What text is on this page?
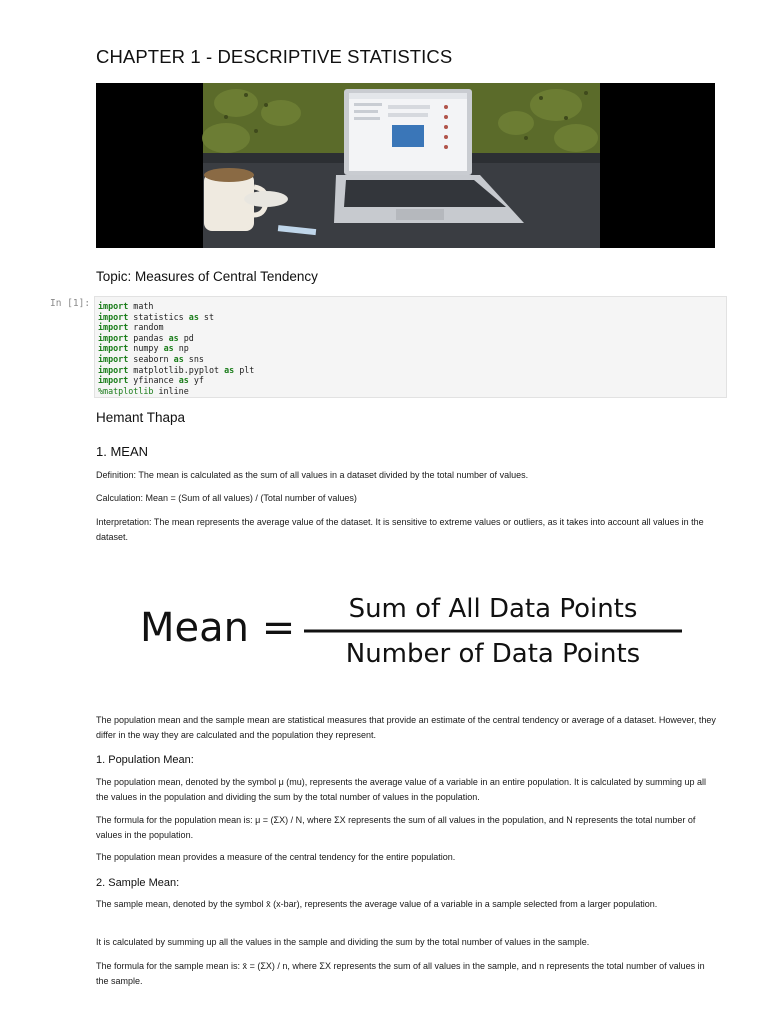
CHAPTER 1 - DESCRIPTIVE STATISTICS
Topic: Measures of Central Tendency
In [1]: import math
import statistics as st
import random
import pandas as pd
import numpy as np
import seaborn as sns
import matplotlib.pyplot as plt
import yfinance as yf
%matplotlib inline
Hemant Thapa
1. MEAN

Definition: The mean is calculated as the sum of all values in a dataset divided by the total number of values.

Calculation: Mean = (Sum of all values) / (Total number of values)

Interpretation: The mean represents the average value of the dataset. It is sensitive to extreme values or outliers, as it takes into account all values in the dataset.

Mean = Sum of All Data Points
Number of Data Points

The population mean and the sample mean are statistical measures that provide an estimate of the central tendency or average of a dataset. However, they differ in the way they are calculated and the population they represent.

1. Population Mean:

The population mean, denoted by the symbol μ (mu), represents the average value of a variable in an entire population. It is calculated by summing up all the values in the population and dividing the sum by the total number of values in the population.

The formula for the population mean is: μ = (ΣX) / N, where ΣX represents the sum of all values in the population, and N represents the total number of values in the population.

The population mean provides a measure of the central tendency for the entire population.

2. Sample Mean:

The sample mean, denoted by the symbol x̄ (x-bar), represents the average value of a variable in a sample selected from a larger population.

It is calculated by summing up all the values in the sample and dividing the sum by the total number of values in the sample.

The formula for the sample mean is: x̄ = (ΣX) / n, where ΣX represents the sum of all values in the sample, and n represents the total number of values in the sample.
